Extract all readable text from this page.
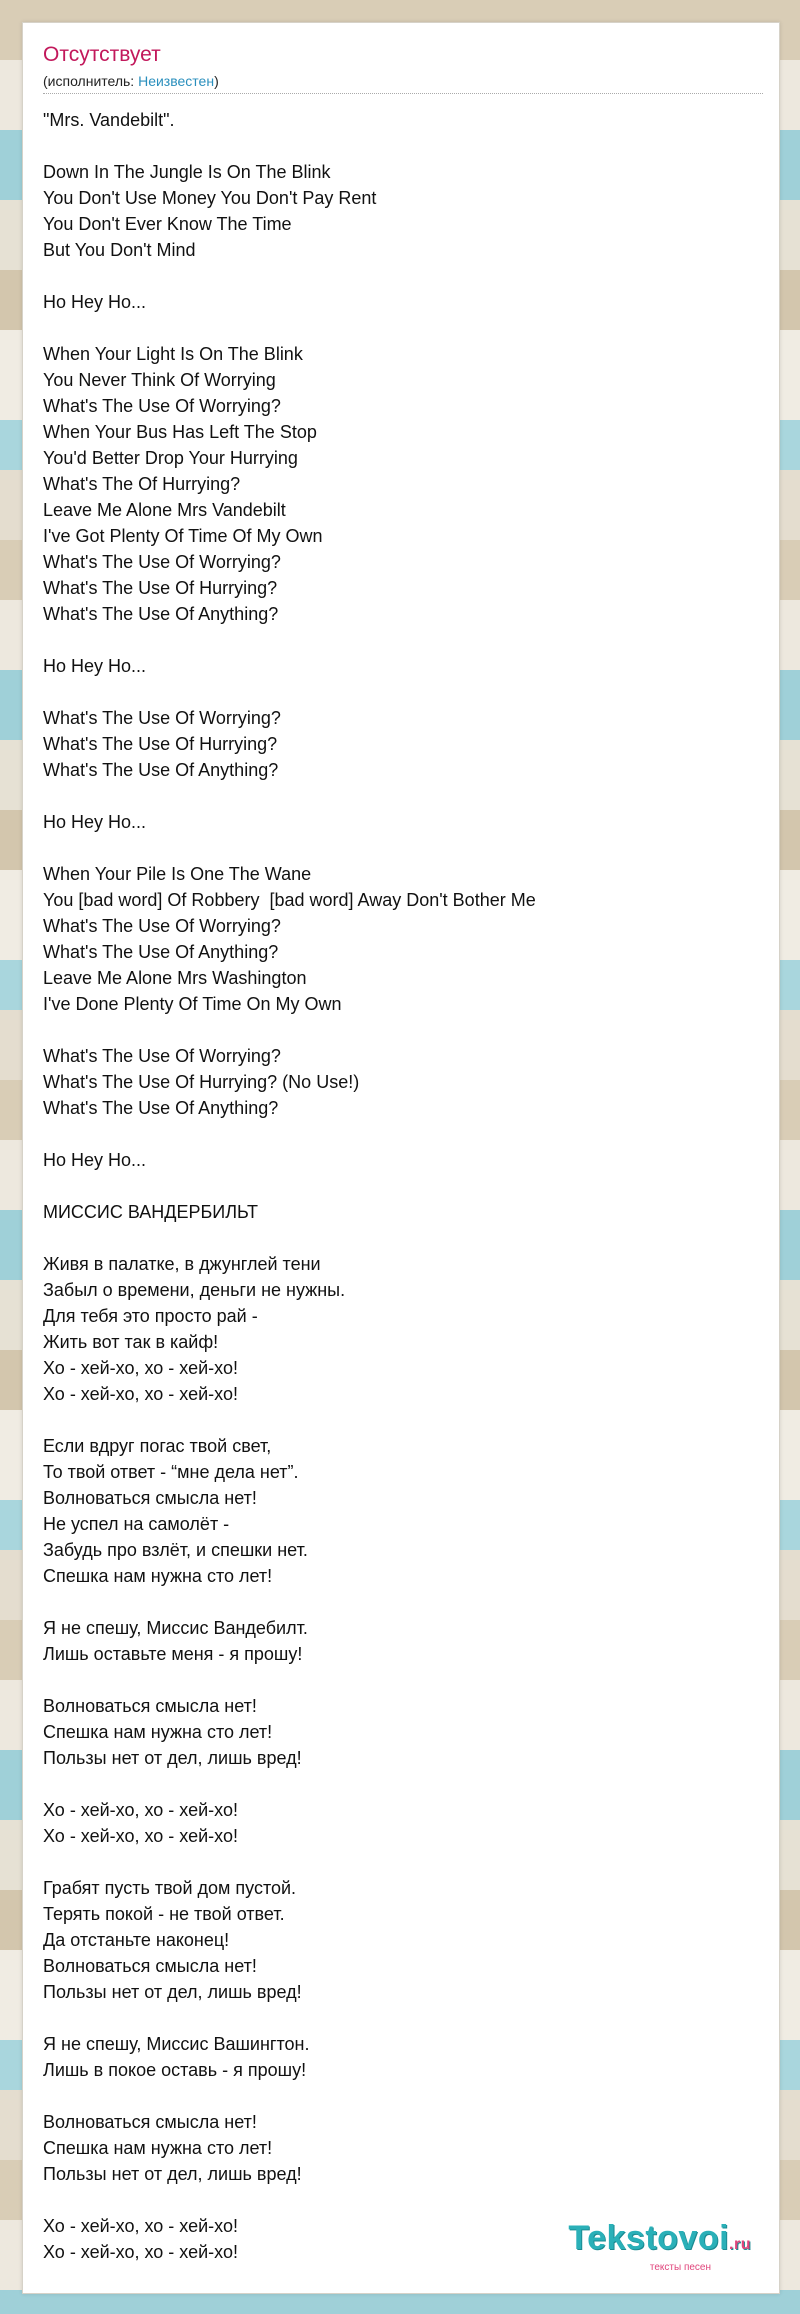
Отсутствует
(исполнитель: Неизвестен)
"Mrs. Vandebilt".
Down In The Jungle Is On The Blink
You Don't Use Money You Don't Pay Rent
You Don't Ever Know The Time
But You Don't Mind
Ho Hey Ho...
When Your Light Is On The Blink
You Never Think Of Worrying
What's The Use Of Worrying?
When Your Bus Has Left The Stop
You'd Better Drop Your Hurrying
What's The Of Hurrying?
Leave Me Alone Mrs Vandebilt
I've Got Plenty Of Time Of My Own
What's The Use Of Worrying?
What's The Use Of Hurrying?
What's The Use Of Anything?
Ho Hey Ho...
What's The Use Of Worrying?
What's The Use Of Hurrying?
What's The Use Of Anything?
Ho Hey Ho...
When Your Pile Is One The Wane
You [bad word] Of Robbery  [bad word] Away Don't Bother Me
What's The Use Of Worrying?
What's The Use Of Anything?
Leave Me Alone Mrs Washington
I've Done Plenty Of Time On My Own
What's The Use Of Worrying?
What's The Use Of Hurrying? (No Use!)
What's The Use Of Anything?
Ho Hey Ho...
МИССИС ВАНДЕРБИЛЬТ
Живя в палатке, в джунглей тени
Забыл о времени, деньги не нужны.
Для тебя это просто рай -
Жить вот так в кайф!
Хо - хей-хо, хо - хей-хо!
Хо - хей-хо, хо - хей-хо!
Если вдруг погас твой свет,
То твой ответ - “мне дела нет”.
Волноваться смысла нет!
Не успел на самолёт -
Забудь про взлёт, и спешки нет.
Спешка нам нужна сто лет!
Я не спешу, Миссис Вандебилт.
Лишь оставьте меня - я прошу!
Волноваться смысла нет!
Спешка нам нужна сто лет!
Пользы нет от дел, лишь вред!
Хо - хей-хо, хо - хей-хо!
Хо - хей-хо, хо - хей-хо!
Грабят пусть твой дом пустой.
Терять покой - не твой ответ.
Да отстаньте наконец!
Волноваться смысла нет!
Пользы нет от дел, лишь вред!
Я не спешу, Миссис Вашингтон.
Лишь в покое оставь - я прошу!
Волноваться смысла нет!
Спешка нам нужна сто лет!
Пользы нет от дел, лишь вред!
Хо - хей-хо, хо - хей-хо!
Хо - хей-хо, хо - хей-хо!	Tekstovoi.ru
тексты песен
